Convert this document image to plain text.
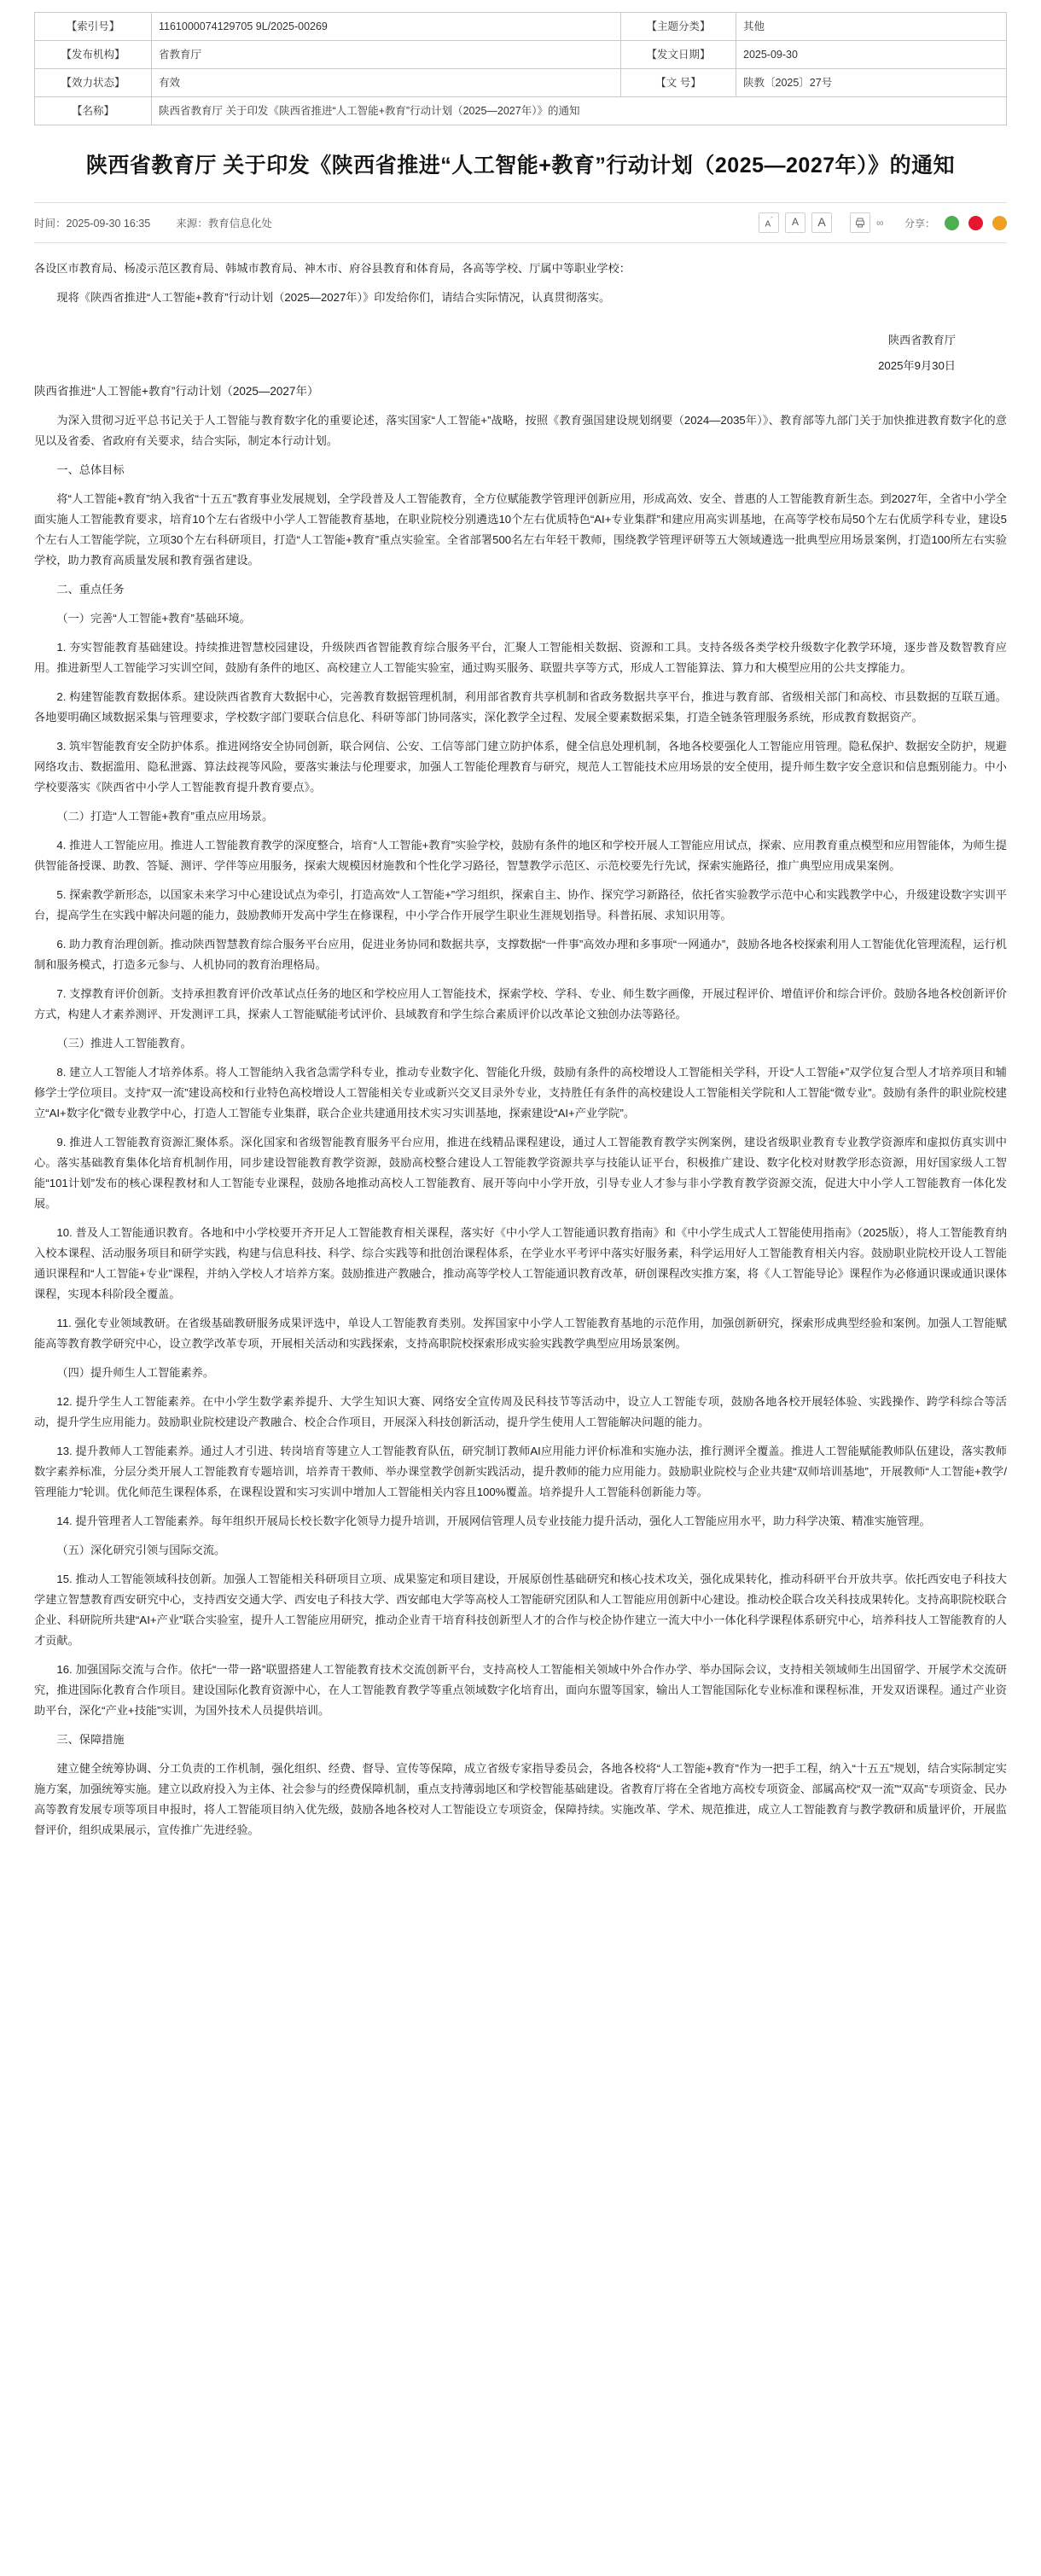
【索引号】	1161000074129705 9L/2025-00269	【主题分类】	其他
【发布机构】	省教育厅	【发文日期】	2025-09-30
【效力状态】	有效	【文 号】	陕教〔2025〕27号
【名称】	陕西省教育厅 关于印发《陕西省推进“人工智能+教育”行动计划（2025—2027年）》的通知		
陕西省教育厅 关于印发《陕西省推进“人工智能+教育”行动计划（2025—2027年）》的通知
时间：2025-09-30 16:35 来源：教育信息化处	A-	A	A	∞	分享：

各设区市教育局、杨凌示范区教育局、韩城市教育局、神木市、府谷县教育和体育局，各高等学校、厅属中等职业学校：

现将《陕西省推进“人工智能+教育”行动计划（2025—2027年）》印发给你们，请结合实际情况，认真贯彻落实。

陕西省教育厅

2025年9月30日

陕西省推进“人工智能+教育”行动计划（2025—2027年）

为深入贯彻习近平总书记关于人工智能与教育数字化的重要论述，落实国家“人工智能+”战略，按照《教育强国建设规划纲要（2024—2035年）》、教育部等九部门关于加快推进教育数字化的意见以及省委、省政府有关要求，结合实际，制定本行动计划。

一、总体目标

将“人工智能+教育”纳入我省“十五五”教育事业发展规划，全学段普及人工智能教育，全方位赋能教学管理评创新应用，形成高效、安全、普惠的人工智能教育新生态。到2027年，全省中小学全面实施人工智能教育要求，培育10个左右省级中小学人工智能教育基地，在职业院校分别遴选10个左右优质特色“AI+专业集群”和建应用高实训基地，在高等学校布局50个左右优质学科专业，建设5个左右人工智能学院，立项30个左右科研项目，打造“人工智能+教育”重点实验室。全省部署500名左右年轻干教师，围绕教学管理评研等五大领域遴选一批典型应用场景案例，打造100所左右实验学校，助力教育高质量发展和教育强省建设。

二、重点任务

（一）完善“人工智能+教育”基础环境。

1. 夯实智能教育基础建设。持续推进智慧校园建设，升级陕西省智能教育综合服务平台，汇聚人工智能相关数据、资源和工具。支持各级各类学校升级数字化教学环境，逐步普及数智教育应用。推进新型人工智能学习实训空间，鼓励有条件的地区、高校建立人工智能实验室，通过购买服务、联盟共享等方式，形成人工智能算法、算力和大模型应用的公共支撑能力。

2. 构建智能教育数据体系。建设陕西省教育大数据中心，完善教育数据管理机制，利用部省教育共享机制和省政务数据共享平台，推进与教育部、省级相关部门和高校、市县数据的互联互通。各地要明确区域数据采集与管理要求，学校数字部门要联合信息化、科研等部门协同落实，深化教学全过程、发展全要素数据采集，打造全链条管理服务系统，形成教育数据资产。

3. 筑牢智能教育安全防护体系。推进网络安全协同创新，联合网信、公安、工信等部门建立防护体系，健全信息处理机制，各地各校要强化人工智能应用管理。隐私保护、数据安全防护，规避网络攻击、数据滥用、隐私泄露、算法歧视等风险，要落实兼法与伦理要求，加强人工智能伦理教育与研究，规范人工智能技术应用场景的安全使用，提升师生数字安全意识和信息甄别能力。中小学校要落实《陕西省中小学人工智能教育提升教育要点》。

（二）打造“人工智能+教育”重点应用场景。

4. 推进人工智能应用。推进人工智能教育教学的深度整合，培育“人工智能+教育”实验学校，鼓励有条件的地区和学校开展人工智能应用试点，探索、应用教育重点模型和应用智能体，为师生提供智能备授课、助教、答疑、测评、学伴等应用服务，探索大规模因材施教和个性化学习路径，智慧教学示范区、示范校要先行先试，探索实施路径，推广典型应用成果案例。

5. 探索教学新形态，以国家未来学习中心建设试点为牵引，打造高效“人工智能+”学习组织，探索自主、协作、探究学习新路径，依托省实验教学示范中心和实践教学中心，升级建设数字实训平台，提高学生在实践中解决问题的能力，鼓励教师开发高中学生在修课程，中小学合作开展学生职业生涯规划指导。科普拓展、求知识用等。

6. 助力教育治理创新。推动陕西智慧教育综合服务平台应用，促进业务协同和数据共享，支撑数据“一件事”高效办理和多事项“一网通办”，鼓励各地各校探索利用人工智能优化管理流程，运行机制和服务模式，打造多元参与、人机协同的教育治理格局。

7. 支撑教育评价创新。支持承担教育评价改革试点任务的地区和学校应用人工智能技术，探索学校、学科、专业、师生数字画像，开展过程评价、增值评价和综合评价。鼓励各地各校创新评价方式，构建人才素养测评、开发测评工具，探索人工智能赋能考试评价、县域教育和学生综合素质评价以改革论文独创办法等路径。

（三）推进人工智能教育。

8. 建立人工智能人才培养体系。将人工智能纳入我省急需学科专业，推动专业数字化、智能化升级，鼓励有条件的高校增设人工智能相关学科，开设“人工智能+”双学位复合型人才培养项目和辅修学士学位项目。支持“双一流”建设高校和行业特色高校增设人工智能相关专业或新兴交叉目录外专业，支持胜任有条件的高校建设人工智能相关学院和人工智能“微专业”。鼓励有条件的职业院校建立“AI+数字化”微专业教学中心，打造人工智能专业集群，联合企业共建通用技术实习实训基地，探索建设“AI+产业学院”。

9. 推进人工智能教育资源汇聚体系。深化国家和省级智能教育服务平台应用，推进在线精品课程建设，通过人工智能教育教学实例案例，建设省级职业教育专业教学资源库和虚拟仿真实训中心。落实基础教育集体化培育机制作用，同步建设智能教育教学资源，鼓励高校整合建设人工智能教学资源共享与技能认证平台，积极推广建设、数字化校对财教学形态资源，用好国家级人工智能“101计划”发布的核心课程教材和人工智能专业课程，鼓励各地推动高校人工智能教育、展开等向中小学开放，引导专业人才参与非小学教育教学资源交流，促进大中小学人工智能教育一体化发展。

10. 普及人工智能通识教育。各地和中小学校要开齐开足人工智能教育相关课程，落实好《中小学人工智能通识教育指南》和《中小学生成式人工智能使用指南》（2025版），将人工智能教育纳入校本课程、活动服务项目和研学实践，构建与信息科技、科学、综合实践等和批创治课程体系，在学业水平考评中落实好服务素，科学运用好人工智能教育相关内容。鼓励职业院校开设人工智能通识课程和“人工智能+专业”课程，并纳入学校人才培养方案。鼓励推进产教融合，推动高等学校人工智能通识教育改革，研创课程改实推方案，将《人工智能导论》课程作为必修通识课或通识课体课程，实现本科阶段全覆盖。

11. 强化专业领域教研。在省级基础教研服务成果评选中，单设人工智能教育类别。发挥国家中小学人工智能教育基地的示范作用，加强创新研究，探索形成典型经验和案例。加强人工智能赋能高等教育教学研究中心，设立教学改革专项，开展相关活动和实践探索，支持高职院校探索形成实验实践教学典型应用场景案例。

（四）提升师生人工智能素养。

12. 提升学生人工智能素养。在中小学生数学素养提升、大学生知识大赛、网络安全宣传周及民科技节等活动中，设立人工智能专项，鼓励各地各校开展轻体验、实践操作、跨学科综合等活动，提升学生应用能力。鼓励职业院校建设产教融合、校企合作项目，开展深入科技创新活动，提升学生使用人工智能解决问题的能力。

13. 提升教师人工智能素养。通过人才引进、转岗培育等建立人工智能教育队伍，研究制订教师AI应用能力评价标准和实施办法，推行测评全覆盖。推进人工智能赋能教师队伍建设，落实教师数字素养标准，分层分类开展人工智能教育专题培训，培养青干教师、举办课堂教学创新实践活动，提升教师的能力应用能力。鼓励职业院校与企业共建“双师培训基地”，开展教师“人工智能+教学/管理能力”轮训。优化师范生课程体系，在课程设置和实习实训中增加人工智能相关内容且100%覆盖。培养提升人工智能科创新能力等。

14. 提升管理者人工智能素养。每年组织开展局长校长数字化领导力提升培训，开展网信管理人员专业技能力提升活动，强化人工智能应用水平，助力科学决策、精准实施管理。

（五）深化研究引领与国际交流。

15. 推动人工智能领域科技创新。加强人工智能相关科研项目立项、成果鉴定和项目建设，开展原创性基础研究和核心技术攻关，强化成果转化，推动科研平台开放共享。依托西安电子科技大学建立智慧教育西安研究中心，支持西安交通大学、西安电子科技大学、西安邮电大学等高校人工智能研究团队和人工智能应用创新中心建设。推动校企联合攻关科技成果转化。支持高职院校联合企业、科研院所共建“AI+产业”联合实验室，提升人工智能应用研究，推动企业青干培育科技创新型人才的合作与校企协作建立一流大中小一体化科学课程体系研究中心，培养科技人工智能教育的人才贡献。

16. 加强国际交流与合作。依托“一带一路”联盟搭建人工智能教育技术交流创新平台，支持高校人工智能相关领域中外合作办学、举办国际会议，支持相关领域师生出国留学、开展学术交流研究，推进国际化教育合作项目。建设国际化教育资源中心，在人工智能教育教学等重点领域数字化培育出，面向东盟等国家，输出人工智能国际化专业标准和课程标准，开发双语课程。通过产业资助平台，深化“产业+技能”实训，为国外技术人员提供培训。

三、保障措施

建立健全统筹协调、分工负责的工作机制，强化组织、经费、督导、宣传等保障，成立省级专家指导委员会，各地各校将“人工智能+教育”作为一把手工程，纳入“十五五”规划，结合实际制定实施方案，加强统筹实施。建立以政府投入为主体、社会参与的经费保障机制，重点支持薄弱地区和学校智能基础建设。省教育厅将在全省地方高校专项资金、部属高校“双一流”“双高”专项资金、民办高等教育发展专项等项目申报时，将人工智能项目纳入优先级，鼓励各地各校对人工智能设立专项资金，保障持续。实施改革、学术、规范推进，成立人工智能教育与教学教研和质量评价，开展监督评价，组织成果展示，宣传推广先进经验。
